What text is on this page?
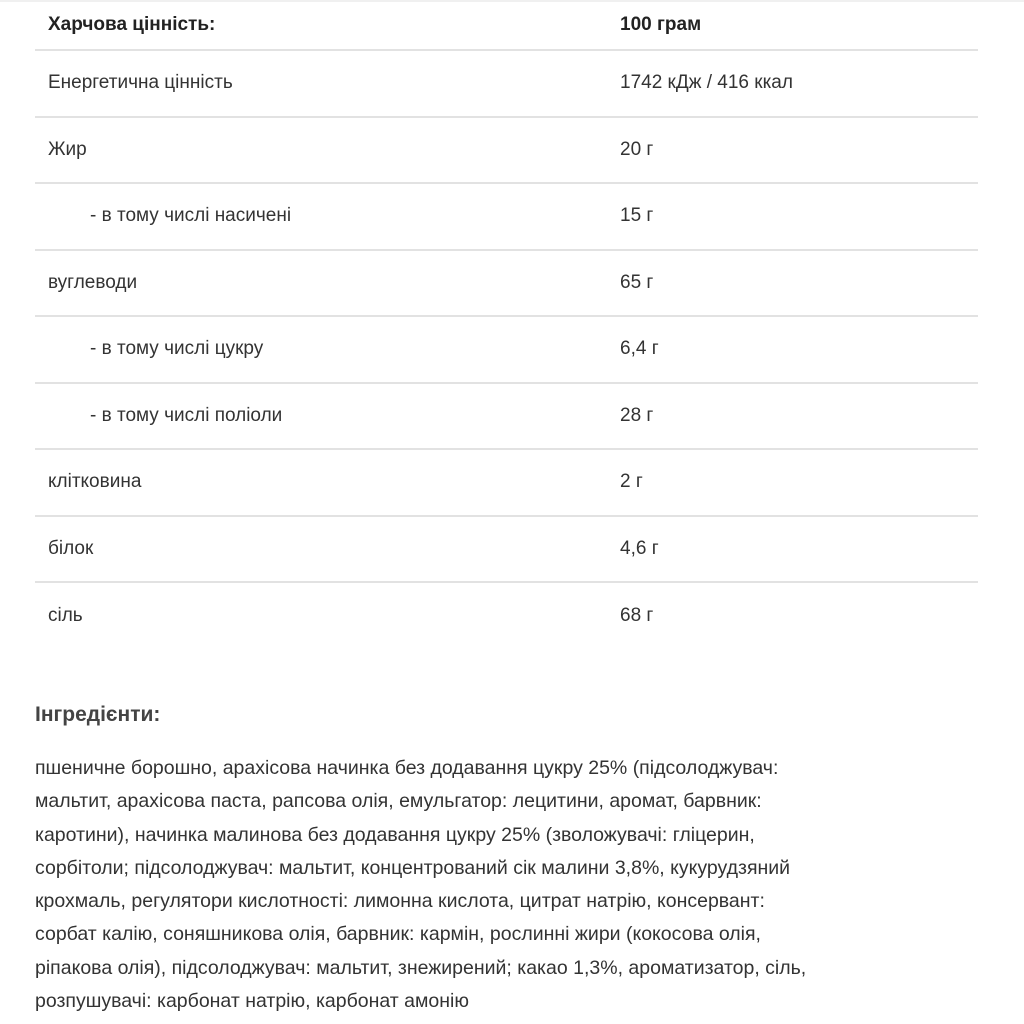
Харчова цінність:	100 грам
Енергетична цінність	1742 кДж / 416 ккал
Жир	20 г
- в тому числі насичені	15 г
вуглеводи	65 г
- в тому числі цукру	6,4 г
- в тому числі поліоли	28 г
клітковина	2 г
білок	4,6 г
сіль	68 г
Інгредієнти:

пшеничне борошно, арахісова начинка без додавання цукру 25% (підсолоджувач:
мальтит, арахісова паста, рапсова олія, емульгатор: лецитини, аромат, барвник:
каротини), начинка малинова без додавання цукру 25% (зволожувачі: гліцерин,
сорбітоли; підсолоджувач: мальтит, концентрований сік малини 3,8%, кукурудзяний
крохмаль, регулятори кислотності: лимонна кислота, цитрат натрію, консервант:
сорбат калію, соняшникова олія, барвник: кармін, рослинні жири (кокосова олія,
ріпакова олія), підсолоджувач: мальтит, знежирений; какао 1,3%, ароматизатор, сіль,
розпушувачі: карбонат натрію, карбонат амонію
